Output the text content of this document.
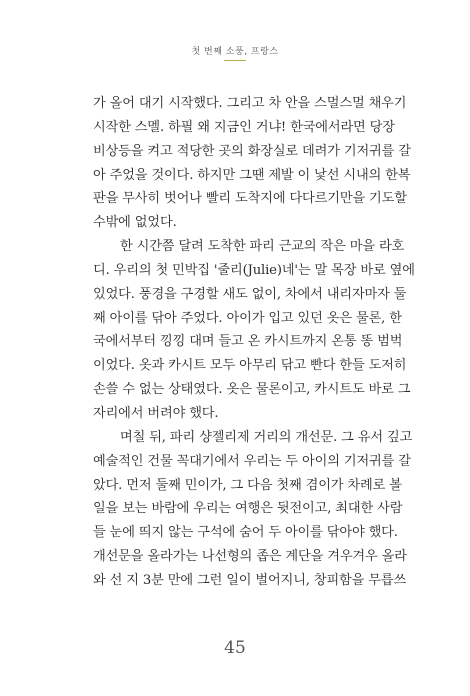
첫 번째 소풍, 프랑스
가 올어 대기 시작했다. 그리고 차 안을 스멀스멀 채우기
시작한 스멜. 하필 왜 지금인 거냐! 한국에서라면 당장
비상등을 켜고 적당한 곳의 화장실로 데려가 기저귀를 갈
아 주었을 것이다. 하지만 그땐 제발 이 낯선 시내의 한복
판을 무사히 벗어나 빨리 도착지에 다다르기만을 기도할
수밖에 없었다.
한 시간쯤 달려 도착한 파리 근교의 작은 마을 라호
디. 우리의 첫 민박집 '줄리(Julie)네'는 말 목장 바로 옆에
있었다. 풍경을 구경할 새도 없이, 차에서 내리자마자 둘
째 아이를 닦아 주었다. 아이가 입고 있던 옷은 물론, 한
국에서부터 낑낑 대며 들고 온 카시트까지 온통 똥 범벅
이었다. 옷과 카시트 모두 아무리 닦고 빤다 한들 도저히
손쓸 수 없는 상태였다. 옷은 물론이고, 카시트도 바로 그
자리에서 버려야 했다.
며칠 뒤, 파리 샹젤리제 거리의 개선문. 그 유서 깊고
예술적인 건물 꼭대기에서 우리는 두 아이의 기저귀를 갈
았다. 먼저 둘째 민이가, 그 다음 첫째 겸이가 차례로 볼
일을 보는 바람에 우리는 여행은 뒷전이고, 최대한 사람
들 눈에 띄지 않는 구석에 숨어 두 아이를 닦아야 했다.
개선문을 올라가는 나선형의 좁은 계단을 겨우겨우 올라
와 선 지 3분 만에 그런 일이 벌어지니, 창피함을 무릅쓰
45
